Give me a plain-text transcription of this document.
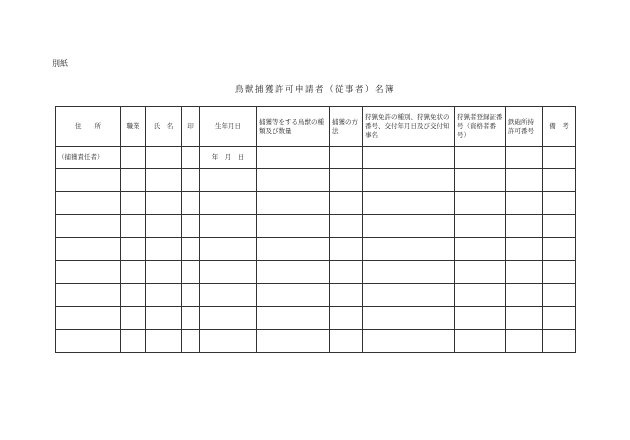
別紙
鳥獣捕獲許可申請者（従事者）名簿
住　　所	職業	氏　名	印	生年月日	捕獲等をする鳥獣の種類及び数量	捕獲の方　法	狩猟免許の種別、狩猟免状の番号、交付年月日及び交付知事名	狩猟者登録証番号（資格者番号）	鉄砲所持許可番号	備　考
（捕獲責任者）				年　月　日						
